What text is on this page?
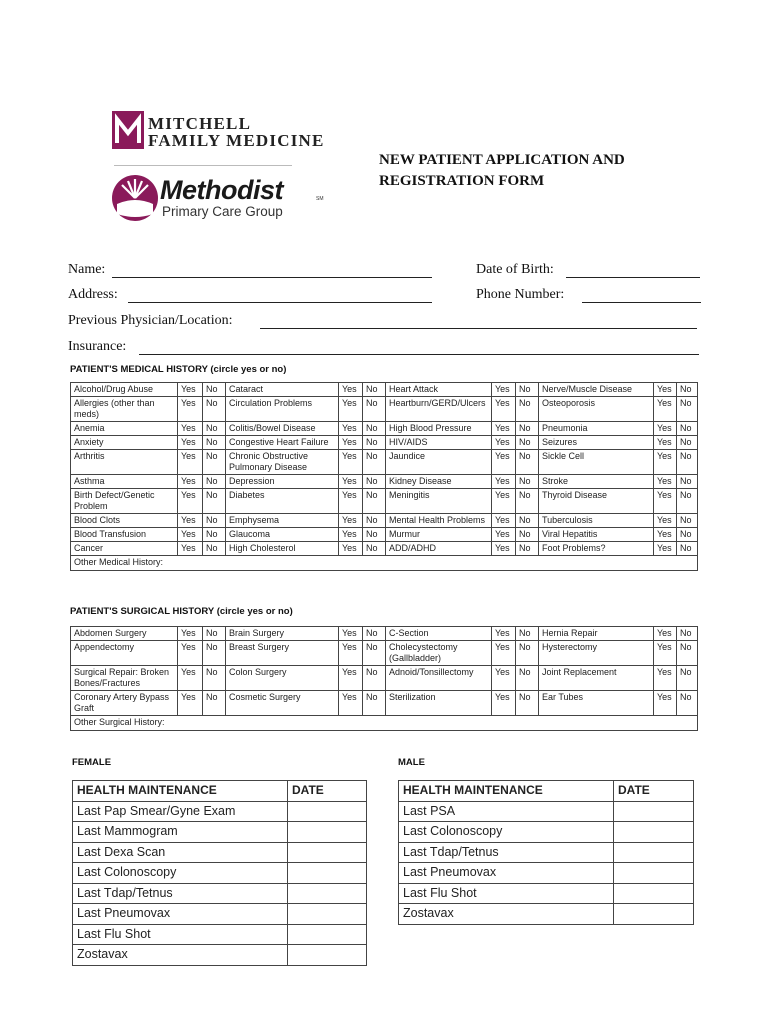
MITCHELL
FAMILY MEDICINE
Methodist	SM
Primary Care Group
NEW PATIENT APPLICATION AND
REGISTRATION FORM
Name:	Date of Birth:
Address:	Phone Number:
Previous Physician/Location:
Insurance:
PATIENT'S MEDICAL HISTORY (circle yes or no)
Alcohol/Drug Abuse	Yes	No	Cataract	Yes	No	Heart Attack	Yes	No	Nerve/Muscle Disease	Yes	No
Allergies (other than meds)	Yes	No	Circulation Problems	Yes	No	Heartburn/GERD/Ulcers	Yes	No	Osteoporosis	Yes	No
Anemia	Yes	No	Colitis/Bowel Disease	Yes	No	High Blood Pressure	Yes	No	Pneumonia	Yes	No
Anxiety	Yes	No	Congestive Heart Failure	Yes	No	HIV/AIDS	Yes	No	Seizures	Yes	No
Arthritis	Yes	No	Chronic Obstructive Pulmonary Disease	Yes	No	Jaundice	Yes	No	Sickle Cell	Yes	No
Asthma	Yes	No	Depression	Yes	No	Kidney Disease	Yes	No	Stroke	Yes	No
Birth Defect/Genetic Problem	Yes	No	Diabetes	Yes	No	Meningitis	Yes	No	Thyroid Disease	Yes	No
Blood Clots	Yes	No	Emphysema	Yes	No	Mental Health Problems	Yes	No	Tuberculosis	Yes	No
Blood Transfusion	Yes	No	Glaucoma	Yes	No	Murmur	Yes	No	Viral Hepatitis	Yes	No
Cancer	Yes	No	High Cholesterol	Yes	No	ADD/ADHD	Yes	No	Foot Problems?	Yes	No
Other Medical History:											
PATIENT'S SURGICAL HISTORY (circle yes or no)
Abdomen Surgery	Yes	No	Brain Surgery	Yes	No	C-Section	Yes	No	Hernia Repair	Yes	No
Appendectomy	Yes	No	Breast Surgery	Yes	No	Cholecystectomy (Gallbladder)	Yes	No	Hysterectomy	Yes	No
Surgical Repair: Broken Bones/Fractures	Yes	No	Colon Surgery	Yes	No	Adnoid/Tonsillectomy	Yes	No	Joint Replacement	Yes	No
Coronary Artery Bypass Graft	Yes	No	Cosmetic Surgery	Yes	No	Sterilization	Yes	No	Ear Tubes	Yes	No
Other Surgical History:											
FEMALE
HEALTH MAINTENANCE	DATE
Last Pap Smear/Gyne Exam	
Last Mammogram	
Last Dexa Scan	
Last Colonoscopy	
Last Tdap/Tetnus	
Last Pneumovax	
Last Flu Shot	
Zostavax	
MALE
HEALTH MAINTENANCE	DATE
Last PSA	
Last Colonoscopy	
Last Tdap/Tetnus	
Last Pneumovax	
Last Flu Shot	
Zostavax	
